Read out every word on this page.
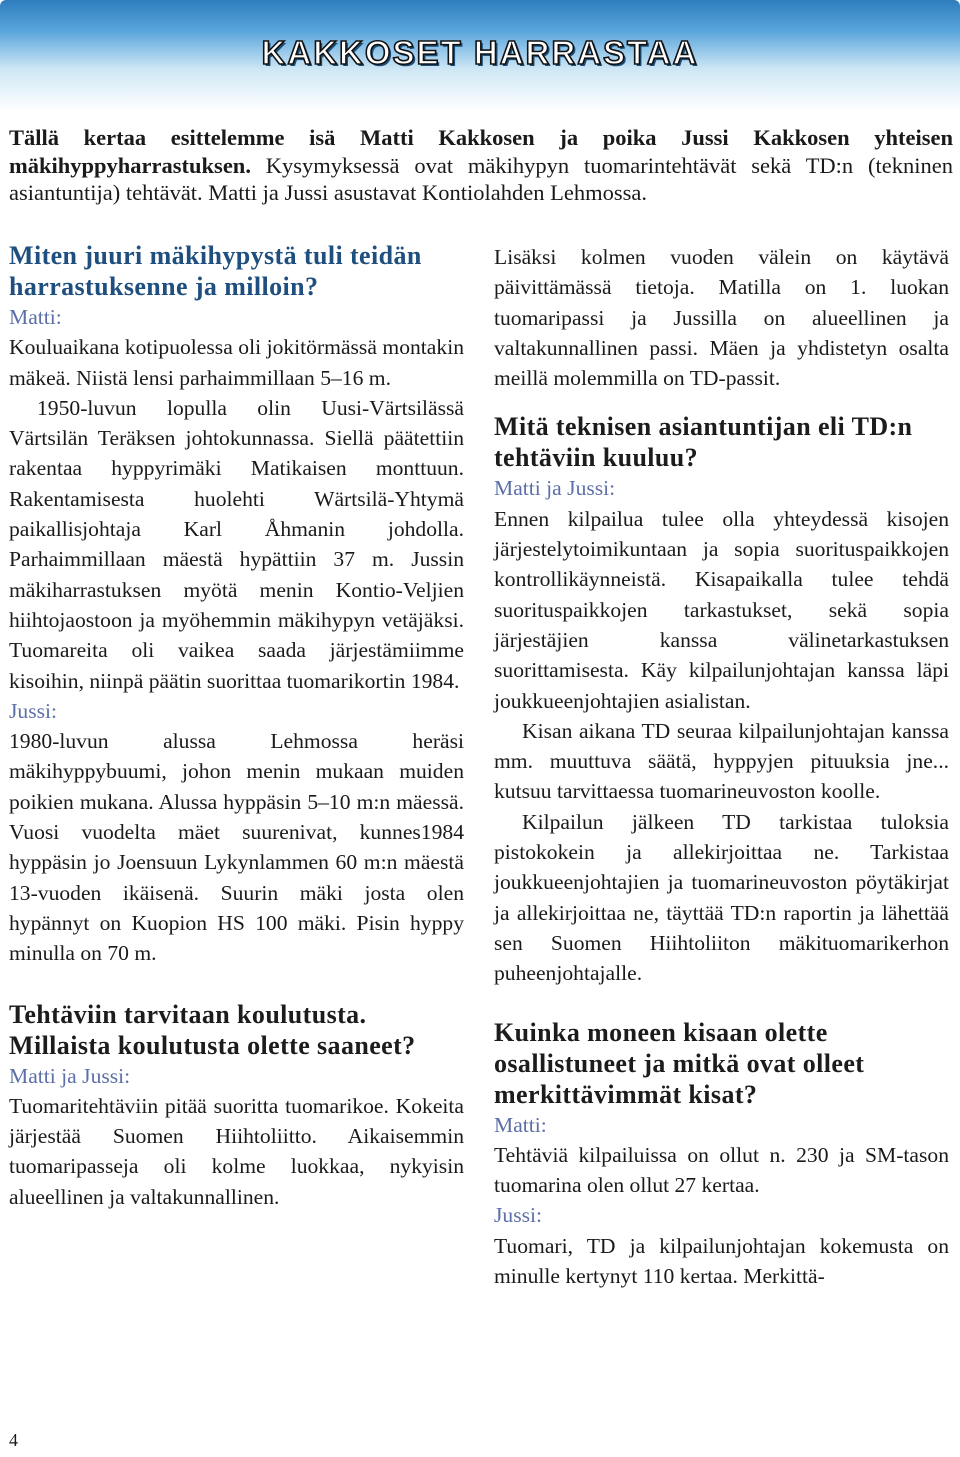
KAKKOSET HARRASTAA
Tällä kertaa esittelemme isä Matti Kakkosen ja poika Jussi Kakkosen yhteisen mäkihyppyharrastuksen. Kysymyksessä ovat mäkihypyn tuomarintehtävät sekä TD:n (tekninen asiantuntija) tehtävät. Matti ja Jussi asustavat Kontiolahden Lehmossa.
Miten juuri mäkihypystä tuli teidän harrastuksenne ja milloin?

Matti:

Kouluaikana kotipuolessa oli jokitörmässä montakin mäkeä. Niistä lensi parhaimmillaan 5–16 m.

1950-luvun lopulla olin Uusi-Värtsilässä Värtsilän Teräksen johtokunnassa. Siellä päätettiin rakentaa hyppyrimäki Matikaisen monttuun. Rakentamisesta huolehti Wärtsilä-Yhtymä paikallisjohtaja Karl Åhmanin johdolla. Parhaimmillaan mäestä hypättiin 37 m. Jussin mäkiharrastuksen myötä menin Kontio-Veljien hiihtojaostoon ja myöhemmin mäkihypyn vetäjäksi. Tuomareita oli vaikea saada järjestämiimme kisoihin, niinpä päätin suorittaa tuomarikortin 1984.

Jussi:

1980-luvun alussa Lehmossa heräsi mäkihyppybuumi, johon menin mukaan muiden poikien mukana. Alussa hyppäsin 5–10 m:n mäessä. Vuosi vuodelta mäet suurenivat, kunnes1984 hyppäsin jo Joensuun Lykynlammen 60 m:n mäestä 13-vuoden ikäisenä. Suurin mäki josta olen hypännyt on Kuopion HS 100 mäki. Pisin hyppy minulla on 70 m.

Tehtäviin tarvitaan koulutusta. Millaista koulutusta olette saaneet?

Matti ja Jussi:

Tuomaritehtäviin pitää suoritta tuomarikoe. Kokeita järjestää Suomen Hiihtoliitto. Aikaisemmin tuomaripasseja oli kolme luokkaa, nykyisin alueellinen ja valtakunnallinen.

Lisäksi kolmen vuoden välein on käytävä päivittämässä tietoja. Matilla on 1. luokan tuomaripassi ja Jussilla on alueellinen ja valtakunnallinen passi. Mäen ja yhdistetyn osalta meillä molemmilla on TD-passit.

Mitä teknisen asiantuntijan eli TD:n tehtäviin kuuluu?

Matti ja Jussi:

Ennen kilpailua tulee olla yhteydessä kisojen järjestelytoimikuntaan ja sopia suorituspaikkojen kontrollikäynneistä. Kisapaikalla tulee tehdä suorituspaikkojen tarkastukset, sekä sopia järjestäjien kanssa välinetarkastuksen suorittamisesta. Käy kilpailunjohtajan kanssa läpi joukkueenjohtajien asialistan.

Kisan aikana TD seuraa kilpailunjohtajan kanssa mm. muuttuva säätä, hyppyjen pituuksia jne... kutsuu tarvittaessa tuomarineuvoston koolle.

Kilpailun jälkeen TD tarkistaa tuloksia pistokokein ja allekirjoittaa ne. Tarkistaa joukkueenjohtajien ja tuomarineuvoston pöytäkirjat ja allekirjoittaa ne, täyttää TD:n raportin ja lähettää sen Suomen Hiihtoliiton mäkituomarikerhon puheenjohtajalle.

Kuinka moneen kisaan olette osallistuneet ja mitkä ovat olleet merkittävimmät kisat?

Matti:

Tehtäviä kilpailuissa on ollut n. 230 ja SM-tason tuomarina olen ollut 27 kertaa.

Jussi:

Tuomari, TD ja kilpailunjohtajan kokemusta on minulle kertynyt 110 kertaa. Merkittä-

4
